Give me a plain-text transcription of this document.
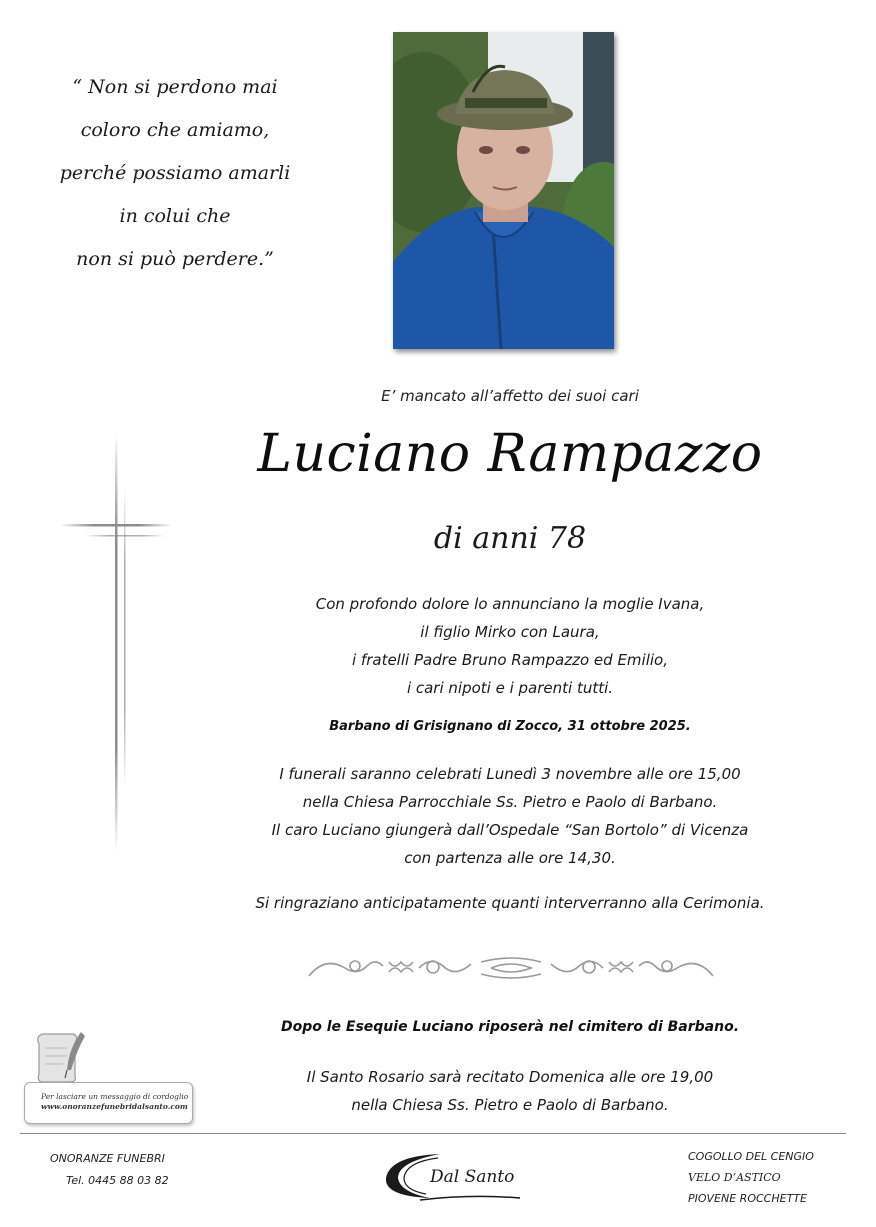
“ Non si perdono mai
coloro che amiamo,
perché possiamo amarli
in colui che
non si può perdere.”
E’ mancato all’affetto dei suoi cari
Luciano Rampazzo
di anni 78
Con profondo dolore lo annunciano la moglie Ivana,
il figlio Mirko con Laura,
i fratelli Padre Bruno Rampazzo ed Emilio,
i cari nipoti e i parenti tutti.
Barbano di Grisignano di Zocco, 31 ottobre 2025.
I funerali saranno celebrati Lunedì 3 novembre alle ore 15,00
nella Chiesa Parrocchiale Ss. Pietro e Paolo di Barbano.
Il caro Luciano giungerà dall’Ospedale “San Bortolo” di Vicenza
con partenza alle ore 14,30.
Si ringraziano anticipatamente quanti interverranno alla Cerimonia.
Dopo le Esequie Luciano riposerà nel cimitero di Barbano.
Il Santo Rosario sarà recitato Domenica alle ore 19,00
nella Chiesa Ss. Pietro e Paolo di Barbano.
Per lasciare un messaggio di cordoglio
www.onoranzefunebridalsanto.com
ONORANZE FUNEBRI
Tel. 0445 88 03 82	Dal Santo
COGOLLO DEL CENGIO
VELO D’ASTICO
PIOVENE ROCCHETTE
